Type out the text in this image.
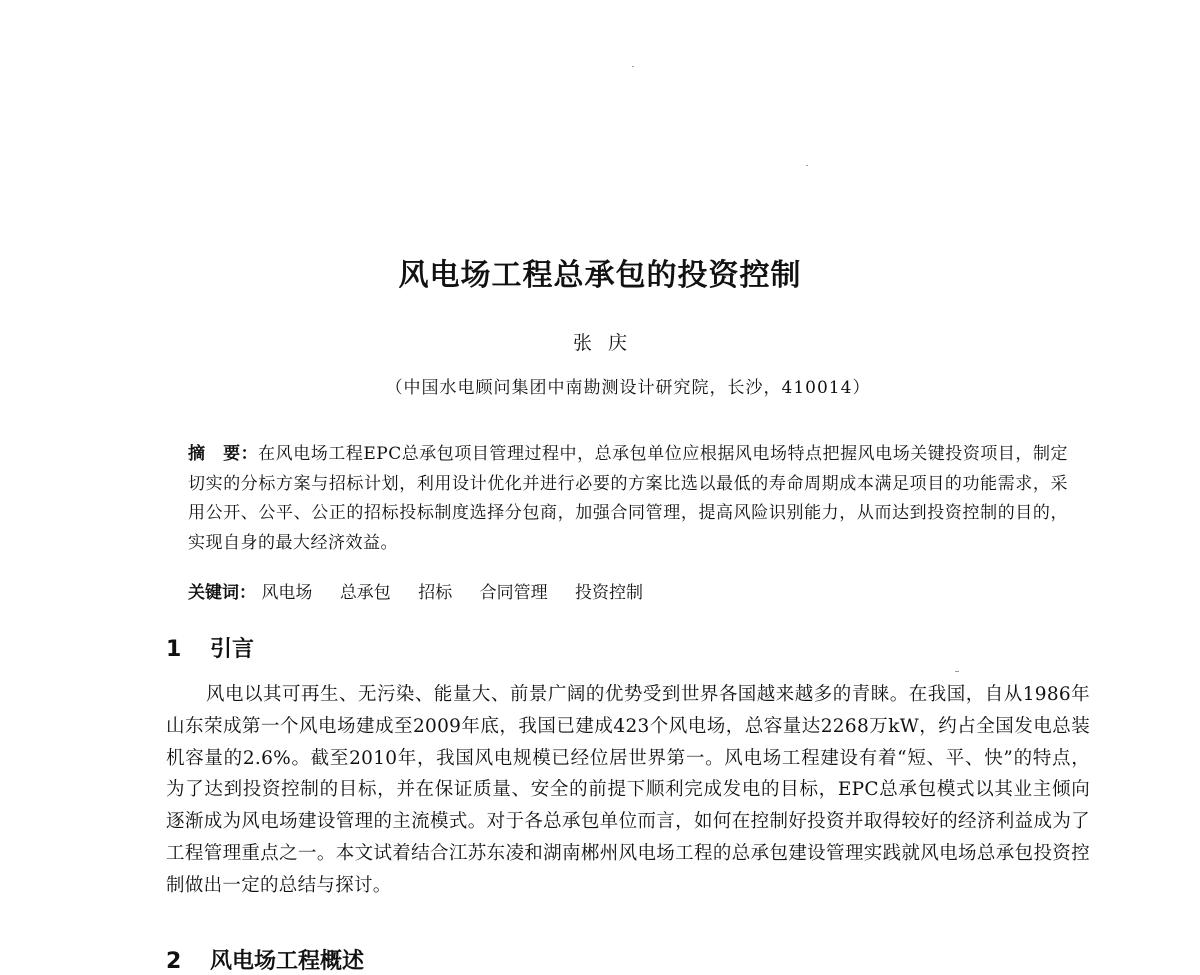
风电场工程总承包的投资控制
张庆
（中国水电顾问集团中南勘测设计研究院，长沙，410014）
摘　要：在风电场工程EPC总承包项目管理过程中，总承包单位应根据风电场特点把握风电场关键投资项目，制定切实的分标方案与招标计划，利用设计优化并进行必要的方案比选以最低的寿命周期成本满足项目的功能需求，采用公开、公平、公正的招标投标制度选择分包商，加强合同管理，提高风险识别能力，从而达到投资控制的目的，实现自身的最大经济效益。
关键词： 风电场 总承包 招标 合同管理 投资控制
1 引言
风电以其可再生、无污染、能量大、前景广阔的优势受到世界各国越来越多的青睐。在我国，自从1986年山东荣成第一个风电场建成至2009年底，我国已建成423个风电场，总容量达2268万kW，约占全国发电总装机容量的2.6%。截至2010年，我国风电规模已经位居世界第一。风电场工程建设有着“短、平、快”的特点，为了达到投资控制的目标，并在保证质量、安全的前提下顺利完成发电的目标，EPC总承包模式以其业主倾向逐渐成为风电场建设管理的主流模式。对于各总承包单位而言，如何在控制好投资并取得较好的经济利益成为了工程管理重点之一。本文试着结合江苏东凌和湖南郴州风电场工程的总承包建设管理实践就风电场总承包投资控制做出一定的总结与探讨。
2 风电场工程概述
